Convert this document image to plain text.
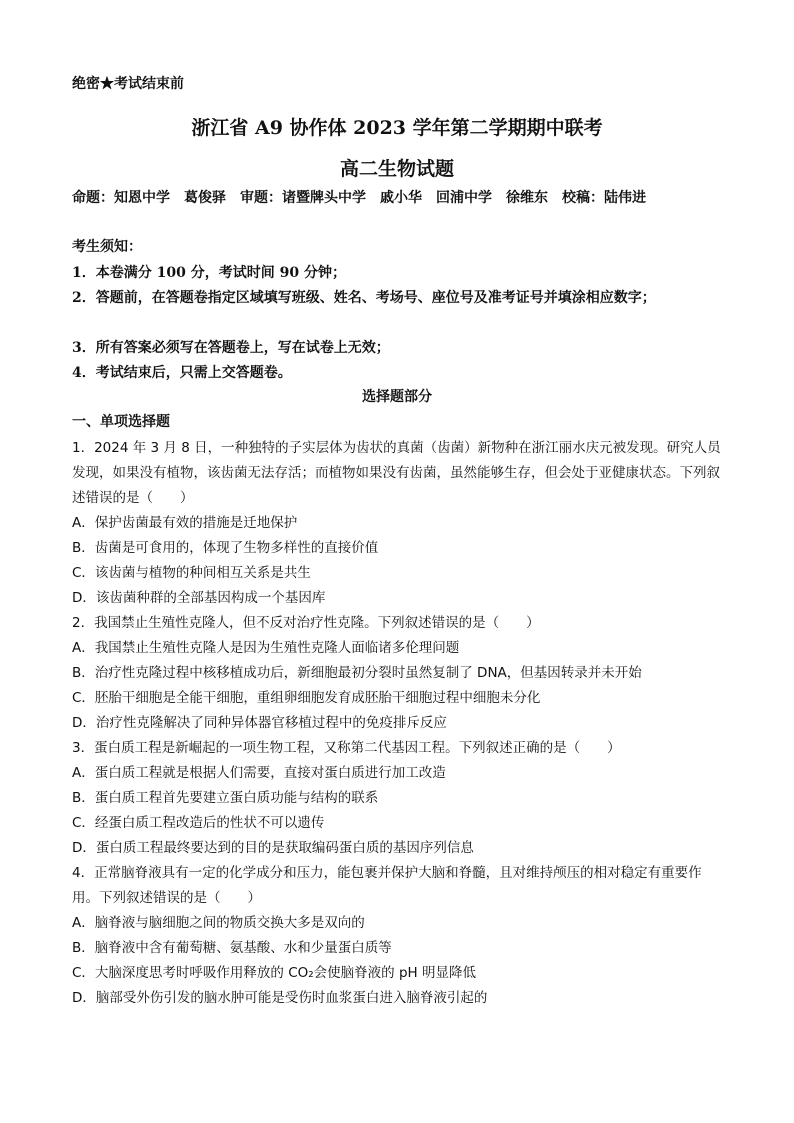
绝密★考试结束前
浙江省 A9 协作体 2023 学年第二学期期中联考
高二生物试题
命题：知恩中学　葛俊驿　审题：诸暨牌头中学　戚小华　回浦中学　徐维东　校稿：陆伟进
考生须知：
1．本卷满分 100 分，考试时间 90 分钟；
2．答题前，在答题卷指定区域填写班级、姓名、考场号、座位号及准考证号并填涂相应数字；
3．所有答案必须写在答题卷上，写在试卷上无效；
4．考试结束后，只需上交答题卷。
选择题部分
一、单项选择题
1．2024 年 3 月 8 日，一种独特的子实层体为齿状的真菌（齿菌）新物种在浙江丽水庆元被发现。研究人员发现，如果没有植物，该齿菌无法存活；而植物如果没有齿菌，虽然能够生存，但会处于亚健康状态。下列叙述错误的是（　　）
A．保护齿菌最有效的措施是迁地保护
B．齿菌是可食用的，体现了生物多样性的直接价值
C．该齿菌与植物的种间相互关系是共生
D．该齿菌种群的全部基因构成一个基因库
2．我国禁止生殖性克隆人，但不反对治疗性克隆。下列叙述错误的是（　　）
A．我国禁止生殖性克隆人是因为生殖性克隆人面临诸多伦理问题
B．治疗性克隆过程中核移植成功后，新细胞最初分裂时虽然复制了 DNA，但基因转录并未开始
C．胚胎干细胞是全能干细胞，重组卵细胞发育成胚胎干细胞过程中细胞未分化
D．治疗性克隆解决了同种异体器官移植过程中的免疫排斥反应
3．蛋白质工程是新崛起的一项生物工程，又称第二代基因工程。下列叙述正确的是（　　）
A．蛋白质工程就是根据人们需要，直接对蛋白质进行加工改造
B．蛋白质工程首先要建立蛋白质功能与结构的联系
C．经蛋白质工程改造后的性状不可以遗传
D．蛋白质工程最终要达到的目的是获取编码蛋白质的基因序列信息
4．正常脑脊液具有一定的化学成分和压力，能包裹并保护大脑和脊髓，且对维持颅压的相对稳定有重要作用。下列叙述错误的是（　　）
A．脑脊液与脑细胞之间的物质交换大多是双向的
B．脑脊液中含有葡萄糖、氨基酸、水和少量蛋白质等
C．大脑深度思考时呼吸作用释放的 CO₂会使脑脊液的 pH 明显降低
D．脑部受外伤引发的脑水肿可能是受伤时血浆蛋白进入脑脊液引起的
